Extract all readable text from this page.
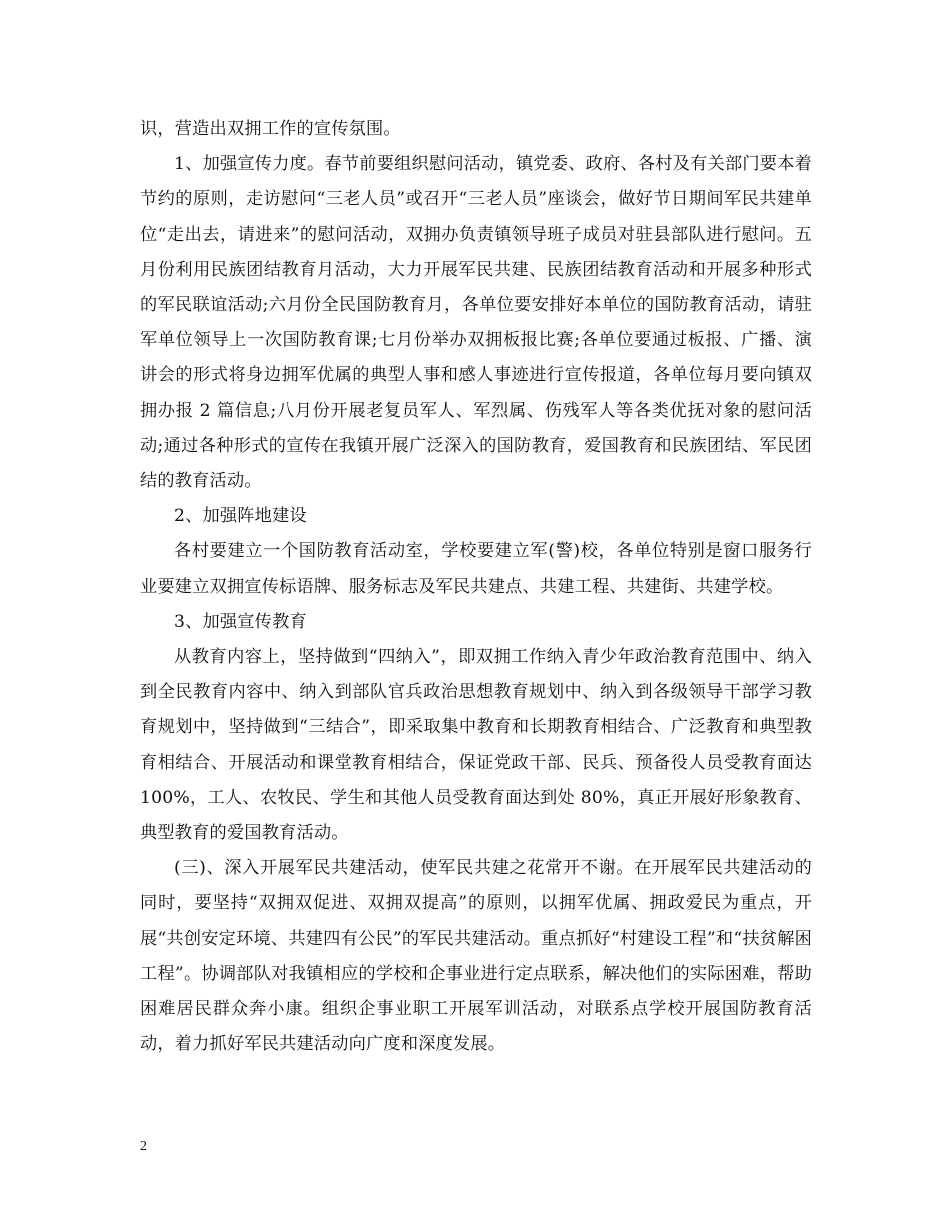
识，营造出双拥工作的宣传氛围。

1、加强宣传力度。春节前要组织慰问活动，镇党委、政府、各村及有关部门要本着节约的原则，走访慰问“三老人员”或召开“三老人员”座谈会，做好节日期间军民共建单位“走出去，请进来”的慰问活动，双拥办负责镇领导班子成员对驻县部队进行慰问。五月份利用民族团结教育月活动，大力开展军民共建、民族团结教育活动和开展多种形式的军民联谊活动;六月份全民国防教育月，各单位要安排好本单位的国防教育活动，请驻军单位领导上一次国防教育课;七月份举办双拥板报比赛;各单位要通过板报、广播、演讲会的形式将身边拥军优属的典型人事和感人事迹进行宣传报道，各单位每月要向镇双拥办报 2 篇信息;八月份开展老复员军人、军烈属、伤残军人等各类优抚对象的慰问活动;通过各种形式的宣传在我镇开展广泛深入的国防教育，爱国教育和民族团结、军民团结的教育活动。

2、加强阵地建设

各村要建立一个国防教育活动室，学校要建立军(警)校，各单位特别是窗口服务行业要建立双拥宣传标语牌、服务标志及军民共建点、共建工程、共建街、共建学校。

3、加强宣传教育

从教育内容上，坚持做到“四纳入”，即双拥工作纳入青少年政治教育范围中、纳入到全民教育内容中、纳入到部队官兵政治思想教育规划中、纳入到各级领导干部学习教育规划中，坚持做到“三结合”，即采取集中教育和长期教育相结合、广泛教育和典型教育相结合、开展活动和课堂教育相结合，保证党政干部、民兵、预备役人员受教育面达 100%，工人、农牧民、学生和其他人员受教育面达到处 80%，真正开展好形象教育、典型教育的爱国教育活动。

(三)、深入开展军民共建活动，使军民共建之花常开不谢。在开展军民共建活动的同时，要坚持“双拥双促进、双拥双提高”的原则，以拥军优属、拥政爱民为重点，开展“共创安定环境、共建四有公民”的军民共建活动。重点抓好“村建设工程”和“扶贫解困工程”。协调部队对我镇相应的学校和企事业进行定点联系，解决他们的实际困难，帮助困难居民群众奔小康。组织企事业职工开展军训活动，对联系点学校开展国防教育活动，着力抓好军民共建活动向广度和深度发展。

2
